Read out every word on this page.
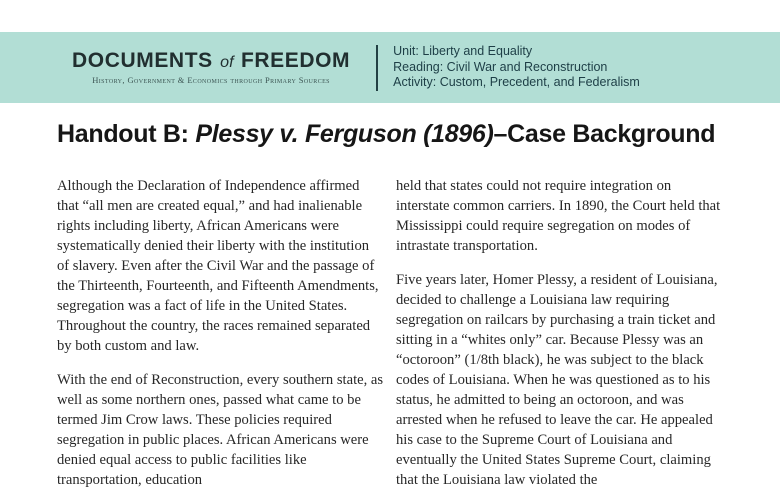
DOCUMENTS of FREEDOM
History, Government & Economics through Primary Sources
Unit: Liberty and Equality
Reading: Civil War and Reconstruction
Activity: Custom, Precedent, and Federalism
Handout B: Plessy v. Ferguson (1896)–Case Background

Although the Declaration of Independence affirmed that “all men are created equal,” and had inalienable rights including liberty, African Americans were systematically denied their liberty with the institution of slavery. Even after the Civil War and the passage of the Thirteenth, Fourteenth, and Fifteenth Amendments, segregation was a fact of life in the United States. Throughout the country, the races remained separated by both custom and law.

With the end of Reconstruction, every southern state, as well as some northern ones, passed what came to be termed Jim Crow laws. These policies required segregation in public places. African Americans were denied equal access to public facilities like transportation, education

held that states could not require integration on interstate common carriers. In 1890, the Court held that Mississippi could require segregation on modes of intrastate transportation.

Five years later, Homer Plessy, a resident of Louisiana, decided to challenge a Louisiana law requiring segregation on railcars by purchasing a train ticket and sitting in a “whites only” car. Because Plessy was an “octoroon” (1/8th black), he was subject to the black codes of Louisiana. When he was questioned as to his status, he admitted to being an octoroon, and was arrested when he refused to leave the car. He appealed his case to the Supreme Court of Louisiana and eventually the United States Supreme Court, claiming that the Louisiana law violated the
